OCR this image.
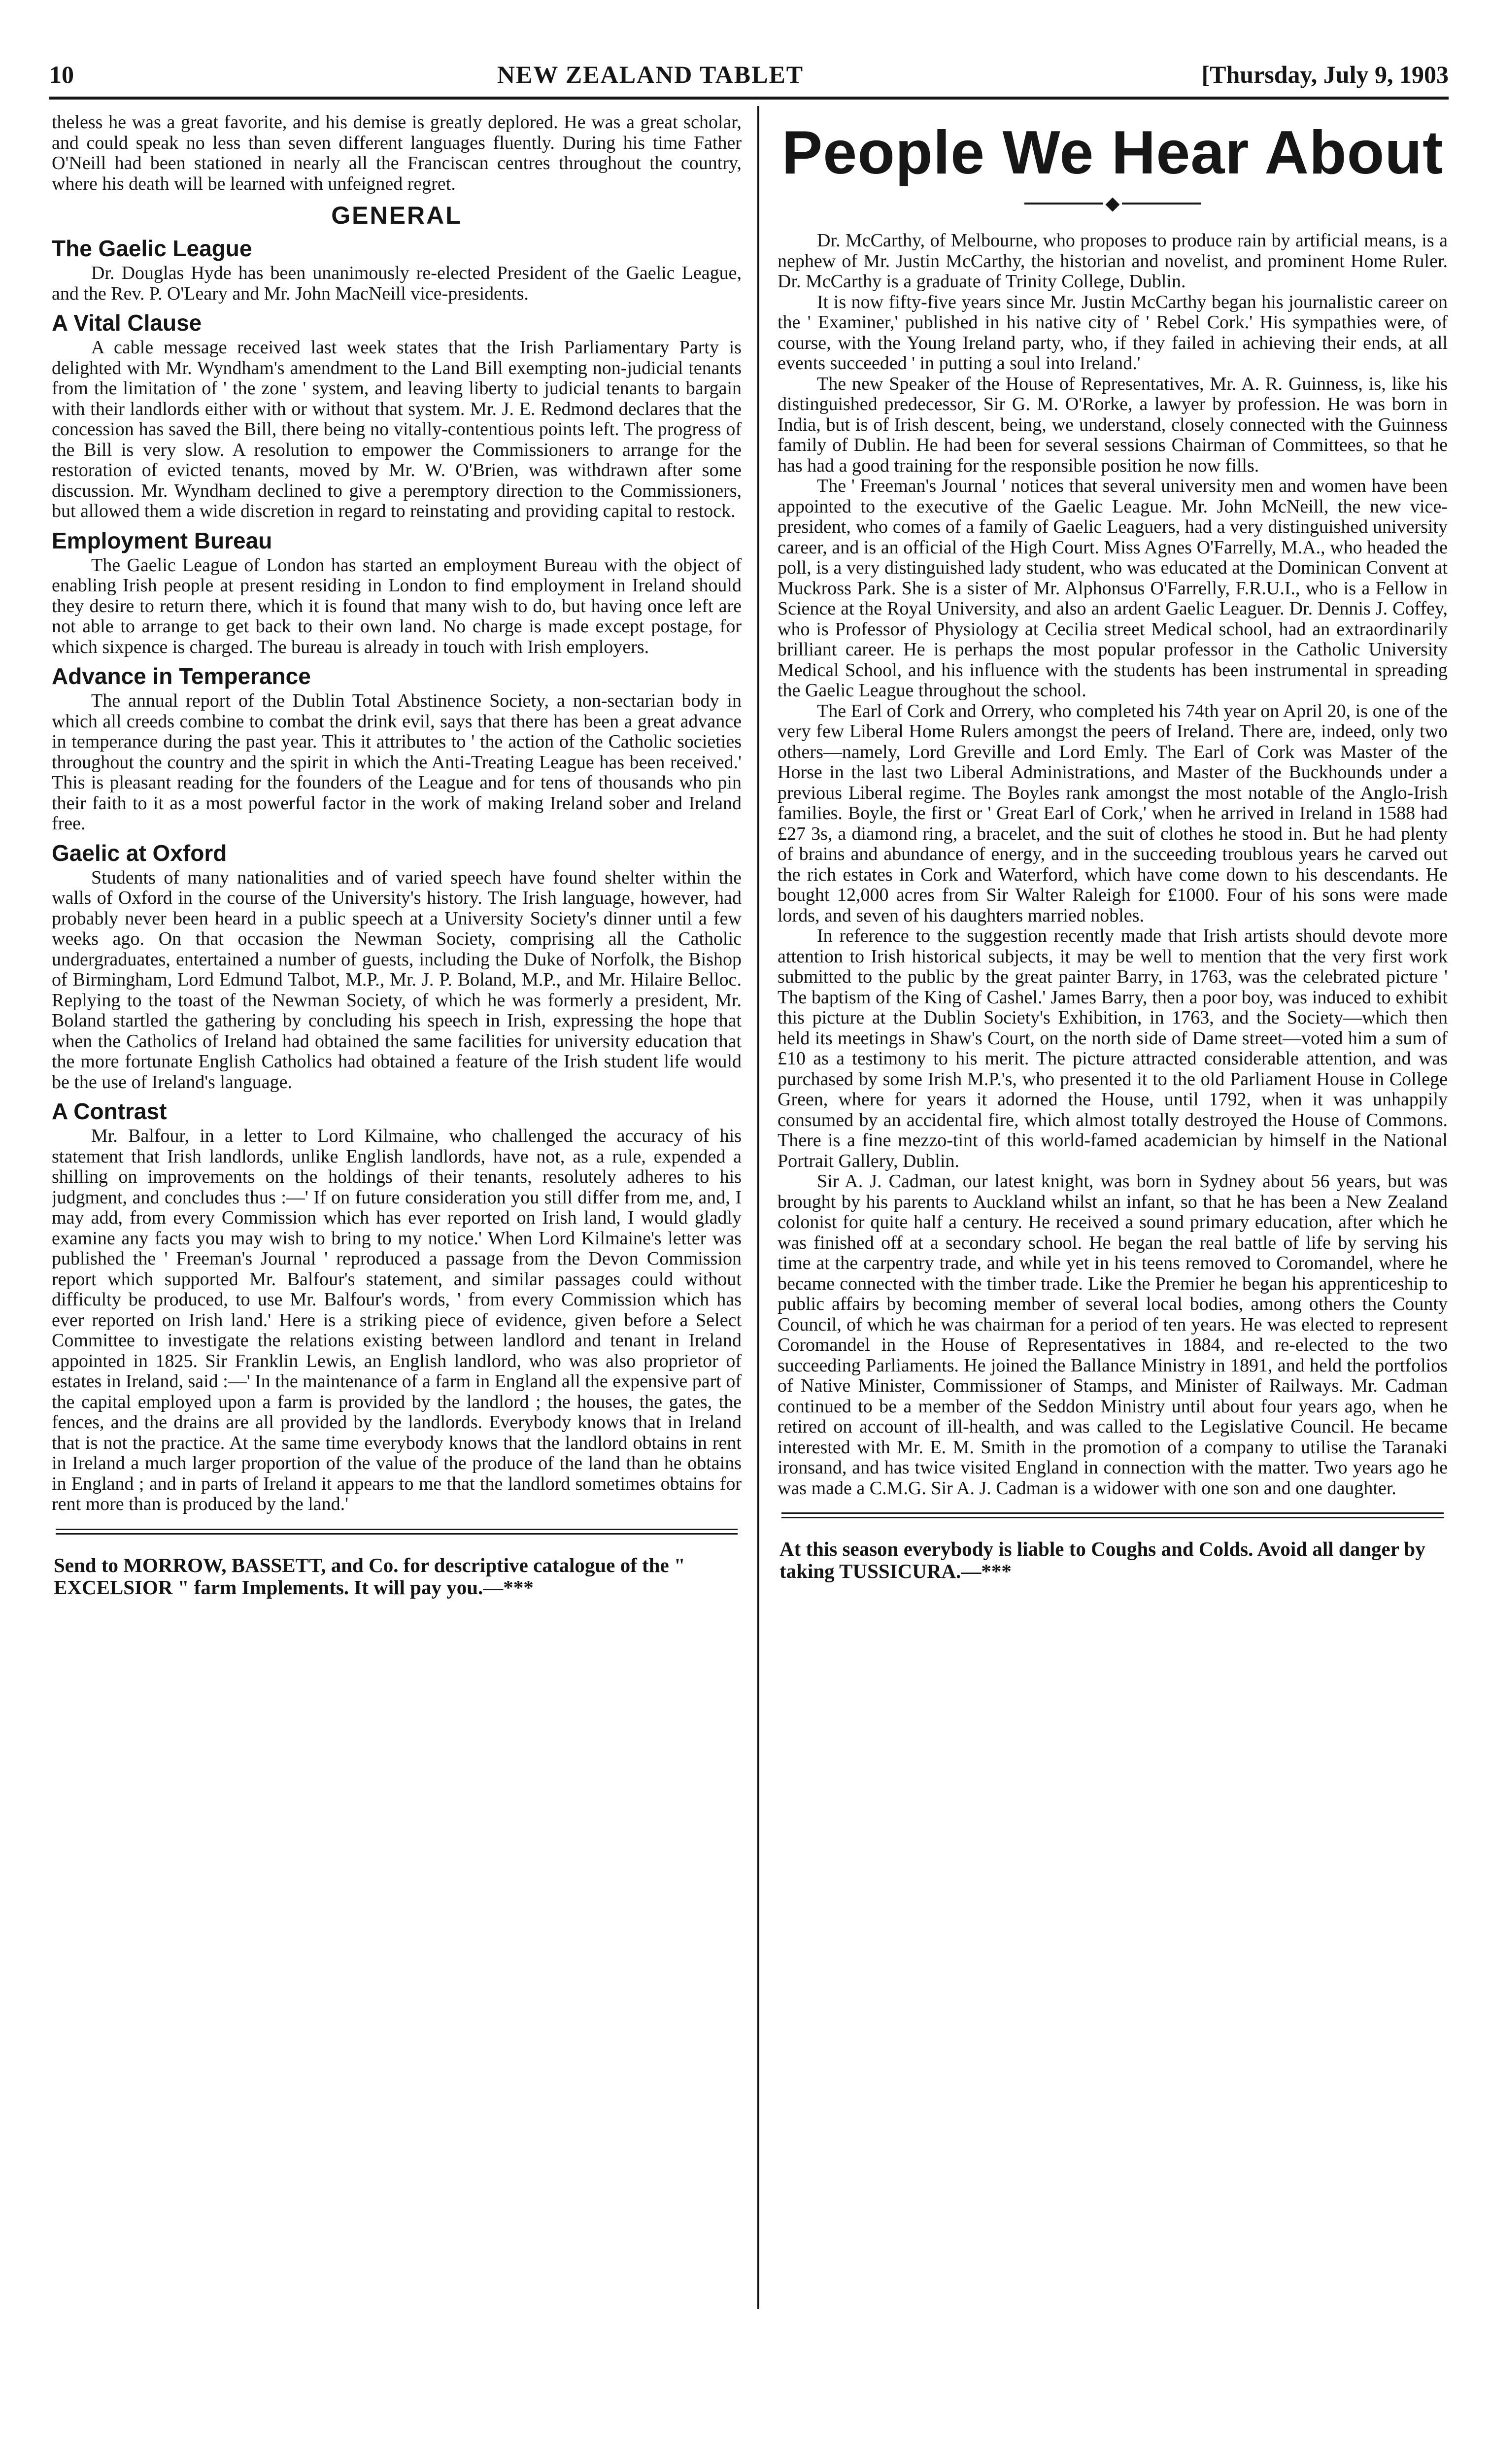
10	NEW ZEALAND TABLET	[Thursday, July 9, 1903

theless he was a great favorite, and his demise is greatly deplored. He was a great scholar, and could speak no less than seven different languages fluently. During his time Father O'Neill had been stationed in nearly all the Franciscan centres throughout the country, where his death will be learned with unfeigned regret.

GENERAL
The Gaelic League

Dr. Douglas Hyde has been unanimously re-elected President of the Gaelic League, and the Rev. P. O'Leary and Mr. John MacNeill vice-presidents.

A Vital Clause

A cable message received last week states that the Irish Parliamentary Party is delighted with Mr. Wyndham's amendment to the Land Bill exempting non-judicial tenants from the limitation of ' the zone ' system, and leaving liberty to judicial tenants to bargain with their landlords either with or without that system. Mr. J. E. Redmond declares that the concession has saved the Bill, there being no vitally-contentious points left. The progress of the Bill is very slow. A resolution to empower the Commissioners to arrange for the restoration of evicted tenants, moved by Mr. W. O'Brien, was withdrawn after some discussion. Mr. Wyndham declined to give a peremptory direction to the Commissioners, but allowed them a wide discretion in regard to reinstating and providing capital to restock.

Employment Bureau

The Gaelic League of London has started an employment Bureau with the object of enabling Irish people at present residing in London to find employment in Ireland should they desire to return there, which it is found that many wish to do, but having once left are not able to arrange to get back to their own land. No charge is made except postage, for which sixpence is charged. The bureau is already in touch with Irish employers.

Advance in Temperance

The annual report of the Dublin Total Abstinence Society, a non-sectarian body in which all creeds combine to combat the drink evil, says that there has been a great advance in temperance during the past year. This it attributes to ' the action of the Catholic societies throughout the country and the spirit in which the Anti-Treating League has been received.' This is pleasant reading for the founders of the League and for tens of thousands who pin their faith to it as a most powerful factor in the work of making Ireland sober and Ireland free.

Gaelic at Oxford

Students of many nationalities and of varied speech have found shelter within the walls of Oxford in the course of the University's history. The Irish language, however, had probably never been heard in a public speech at a University Society's dinner until a few weeks ago. On that occasion the Newman Society, comprising all the Catholic undergraduates, entertained a number of guests, including the Duke of Norfolk, the Bishop of Birmingham, Lord Edmund Talbot, M.P., Mr. J. P. Boland, M.P., and Mr. Hilaire Belloc. Replying to the toast of the Newman Society, of which he was formerly a president, Mr. Boland startled the gathering by concluding his speech in Irish, expressing the hope that when the Catholics of Ireland had obtained the same facilities for university education that the more fortunate English Catholics had obtained a feature of the Irish student life would be the use of Ireland's language.

A Contrast

Mr. Balfour, in a letter to Lord Kilmaine, who challenged the accuracy of his statement that Irish landlords, unlike English landlords, have not, as a rule, expended a shilling on improvements on the holdings of their tenants, resolutely adheres to his judgment, and concludes thus :—' If on future consideration you still differ from me, and, I may add, from every Commission which has ever reported on Irish land, I would gladly examine any facts you may wish to bring to my notice.' When Lord Kilmaine's letter was published the ' Freeman's Journal ' reproduced a passage from the Devon Commission report which supported Mr. Balfour's statement, and similar passages could without difficulty be produced, to use Mr. Balfour's words, ' from every Commission which has ever reported on Irish land.' Here is a striking piece of evidence, given before a Select Committee to investigate the relations existing between landlord and tenant in Ireland appointed in 1825. Sir Franklin Lewis, an English landlord, who was also proprietor of estates in Ireland, said :—' In the maintenance of a farm in England all the expensive part of the capital employed upon a farm is provided by the landlord ; the houses, the gates, the fences, and the drains are all provided by the landlords. Everybody knows that in Ireland that is not the practice. At the same time everybody knows that the landlord obtains in rent in Ireland a much larger proportion of the value of the produce of the land than he obtains in England ; and in parts of Ireland it appears to me that the landlord sometimes obtains for rent more than is produced by the land.'

Send to MORROW, BASSETT, and Co. for descriptive catalogue of the " EXCELSIOR " farm Implements. It will pay you.—***
People We Hear About
◆

Dr. McCarthy, of Melbourne, who proposes to produce rain by artificial means, is a nephew of Mr. Justin McCarthy, the historian and novelist, and prominent Home Ruler. Dr. McCarthy is a graduate of Trinity College, Dublin.

It is now fifty-five years since Mr. Justin McCarthy began his journalistic career on the ' Examiner,' published in his native city of ' Rebel Cork.' His sympathies were, of course, with the Young Ireland party, who, if they failed in achieving their ends, at all events succeeded ' in putting a soul into Ireland.'

The new Speaker of the House of Representatives, Mr. A. R. Guinness, is, like his distinguished predecessor, Sir G. M. O'Rorke, a lawyer by profession. He was born in India, but is of Irish descent, being, we understand, closely connected with the Guinness family of Dublin. He had been for several sessions Chairman of Committees, so that he has had a good training for the responsible position he now fills.

The ' Freeman's Journal ' notices that several university men and women have been appointed to the executive of the Gaelic League. Mr. John McNeill, the new vice-president, who comes of a family of Gaelic Leaguers, had a very distinguished university career, and is an official of the High Court. Miss Agnes O'Farrelly, M.A., who headed the poll, is a very distinguished lady student, who was educated at the Dominican Convent at Muckross Park. She is a sister of Mr. Alphonsus O'Farrelly, F.R.U.I., who is a Fellow in Science at the Royal University, and also an ardent Gaelic Leaguer. Dr. Dennis J. Coffey, who is Professor of Physiology at Cecilia street Medical school, had an extraordinarily brilliant career. He is perhaps the most popular professor in the Catholic University Medical School, and his influence with the students has been instrumental in spreading the Gaelic League throughout the school.

The Earl of Cork and Orrery, who completed his 74th year on April 20, is one of the very few Liberal Home Rulers amongst the peers of Ireland. There are, indeed, only two others—namely, Lord Greville and Lord Emly. The Earl of Cork was Master of the Horse in the last two Liberal Administrations, and Master of the Buckhounds under a previous Liberal regime. The Boyles rank amongst the most notable of the Anglo-Irish families. Boyle, the first or ' Great Earl of Cork,' when he arrived in Ireland in 1588 had £27 3s, a diamond ring, a bracelet, and the suit of clothes he stood in. But he had plenty of brains and abundance of energy, and in the succeeding troublous years he carved out the rich estates in Cork and Waterford, which have come down to his descendants. He bought 12,000 acres from Sir Walter Raleigh for £1000. Four of his sons were made lords, and seven of his daughters married nobles.

In reference to the suggestion recently made that Irish artists should devote more attention to Irish historical subjects, it may be well to mention that the very first work submitted to the public by the great painter Barry, in 1763, was the celebrated picture ' The baptism of the King of Cashel.' James Barry, then a poor boy, was induced to exhibit this picture at the Dublin Society's Exhibition, in 1763, and the Society—which then held its meetings in Shaw's Court, on the north side of Dame street—voted him a sum of £10 as a testimony to his merit. The picture attracted considerable attention, and was purchased by some Irish M.P.'s, who presented it to the old Parliament House in College Green, where for years it adorned the House, until 1792, when it was unhappily consumed by an accidental fire, which almost totally destroyed the House of Commons. There is a fine mezzo-tint of this world-famed academician by himself in the National Portrait Gallery, Dublin.

Sir A. J. Cadman, our latest knight, was born in Sydney about 56 years, but was brought by his parents to Auckland whilst an infant, so that he has been a New Zealand colonist for quite half a century. He received a sound primary education, after which he was finished off at a secondary school. He began the real battle of life by serving his time at the carpentry trade, and while yet in his teens removed to Coromandel, where he became connected with the timber trade. Like the Premier he began his apprenticeship to public affairs by becoming member of several local bodies, among others the County Council, of which he was chairman for a period of ten years. He was elected to represent Coromandel in the House of Representatives in 1884, and re-elected to the two succeeding Parliaments. He joined the Ballance Ministry in 1891, and held the portfolios of Native Minister, Commissioner of Stamps, and Minister of Railways. Mr. Cadman continued to be a member of the Seddon Ministry until about four years ago, when he retired on account of ill-health, and was called to the Legislative Council. He became interested with Mr. E. M. Smith in the promotion of a company to utilise the Taranaki ironsand, and has twice visited England in connection with the matter. Two years ago he was made a C.M.G. Sir A. J. Cadman is a widower with one son and one daughter.

At this season everybody is liable to Coughs and Colds. Avoid all danger by taking TUSSICURA.—***
